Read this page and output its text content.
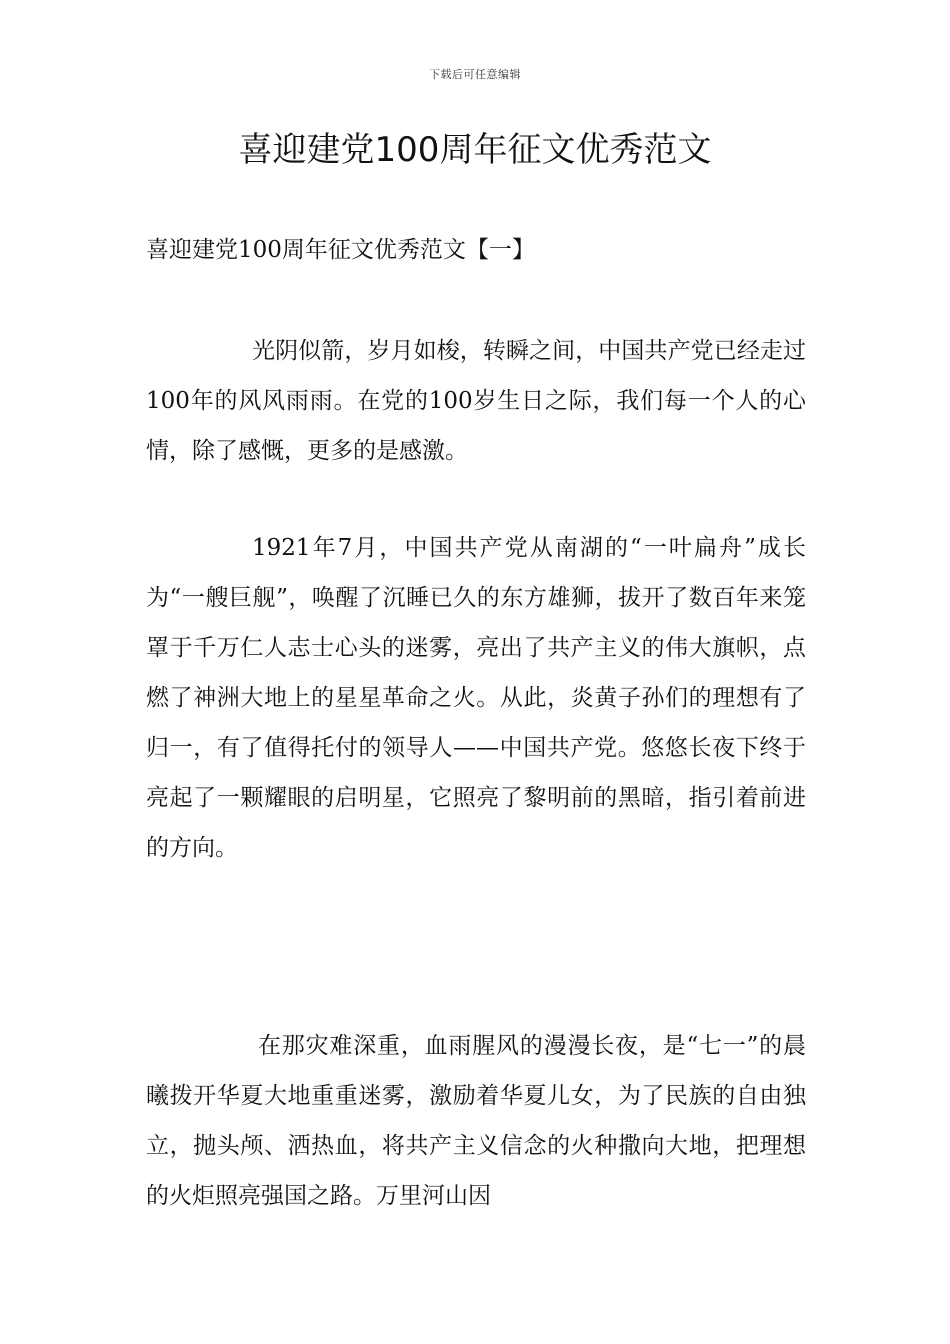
下载后可任意编辑
喜迎建党100周年征文优秀范文
喜迎建党100周年征文优秀范文【一】

光阴似箭，岁月如梭，转瞬之间，中国共产党已经走过100年的风风雨雨。在党的100岁生日之际，我们每一个人的心情，除了感慨，更多的是感激。

1921年7月，中国共产党从南湖的“一叶扁舟”成长为“一艘巨舰”，唤醒了沉睡已久的东方雄狮，拔开了数百年来笼罩于千万仁人志士心头的迷雾，亮出了共产主义的伟大旗帜，点燃了神洲大地上的星星革命之火。从此，炎黄子孙们的理想有了归一，有了值得托付的领导人——中国共产党。悠悠长夜下终于亮起了一颗耀眼的启明星，它照亮了黎明前的黑暗，指引着前进的方向。

在那灾难深重，血雨腥风的漫漫长夜，是“七一”的晨曦拨开华夏大地重重迷雾，激励着华夏儿女，为了民族的自由独立，抛头颅、洒热血，将共产主义信念的火种撒向大地，把理想的火炬照亮强国之路。万里河山因
